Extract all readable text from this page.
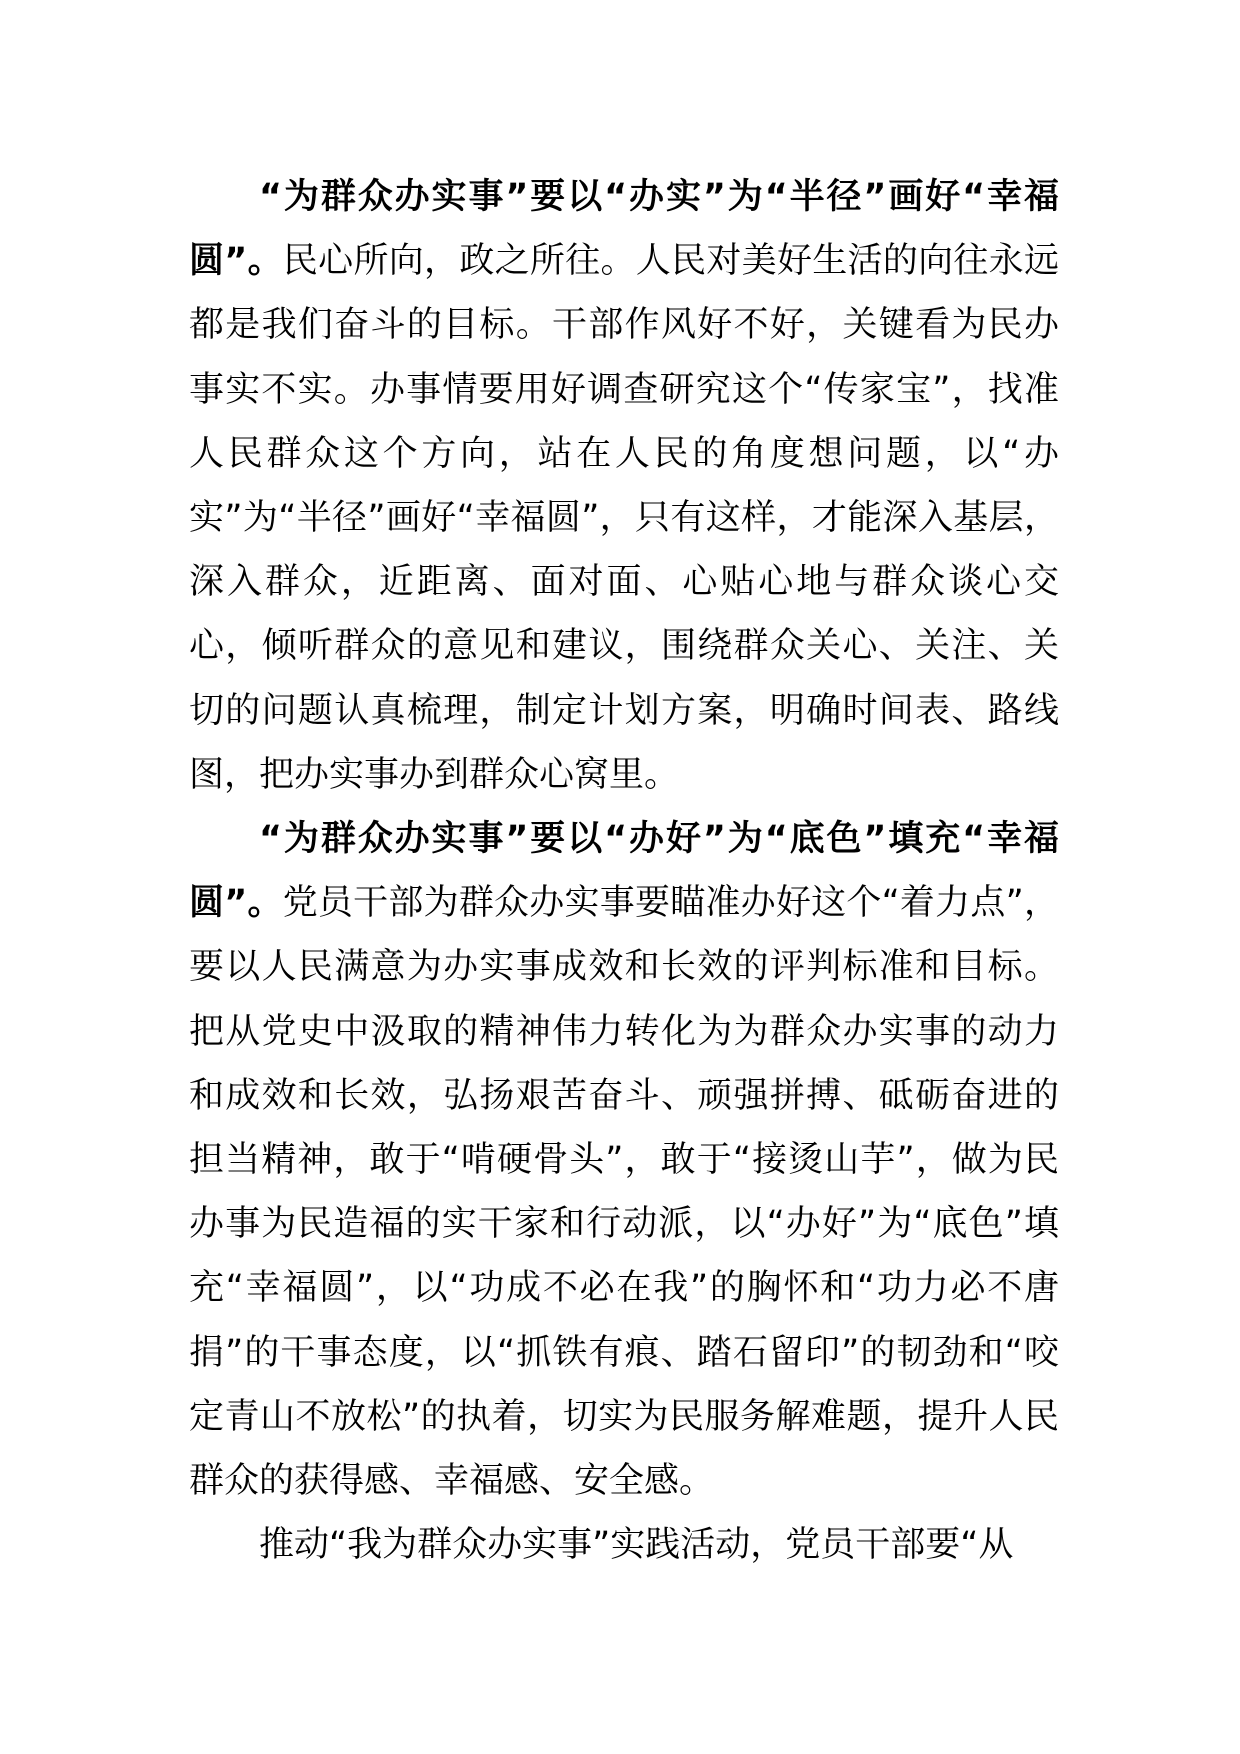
“为群众办实事”要以“办实”为“半径”画好“幸福圆”。民心所向，政之所往。人民对美好生活的向往永远都是我们奋斗的目标。干部作风好不好，关键看为民办事实不实。办事情要用好调查研究这个“传家宝”，找准人民群众这个方向，站在人民的角度想问题，以“办实”为“半径”画好“幸福圆”，只有这样，才能深入基层，深入群众，近距离、面对面、心贴心地与群众谈心交心，倾听群众的意见和建议，围绕群众关心、关注、关切的问题认真梳理，制定计划方案，明确时间表、路线图，把办实事办到群众心窝里。

“为群众办实事”要以“办好”为“底色”填充“幸福圆”。党员干部为群众办实事要瞄准办好这个“着力点”，要以人民满意为办实事成效和长效的评判标准和目标。把从党史中汲取的精神伟力转化为为群众办实事的动力和成效和长效，弘扬艰苦奋斗、顽强拼搏、砥砺奋进的担当精神，敢于“啃硬骨头”，敢于“接烫山芋”，做为民办事为民造福的实干家和行动派，以“办好”为“底色”填充“幸福圆”，以“功成不必在我”的胸怀和“功力必不唐捐”的干事态度，以“抓铁有痕、踏石留印”的韧劲和“咬定青山不放松”的执着，切实为民服务解难题，提升人民群众的获得感、幸福感、安全感。

推动“我为群众办实事”实践活动，党员干部要“从
